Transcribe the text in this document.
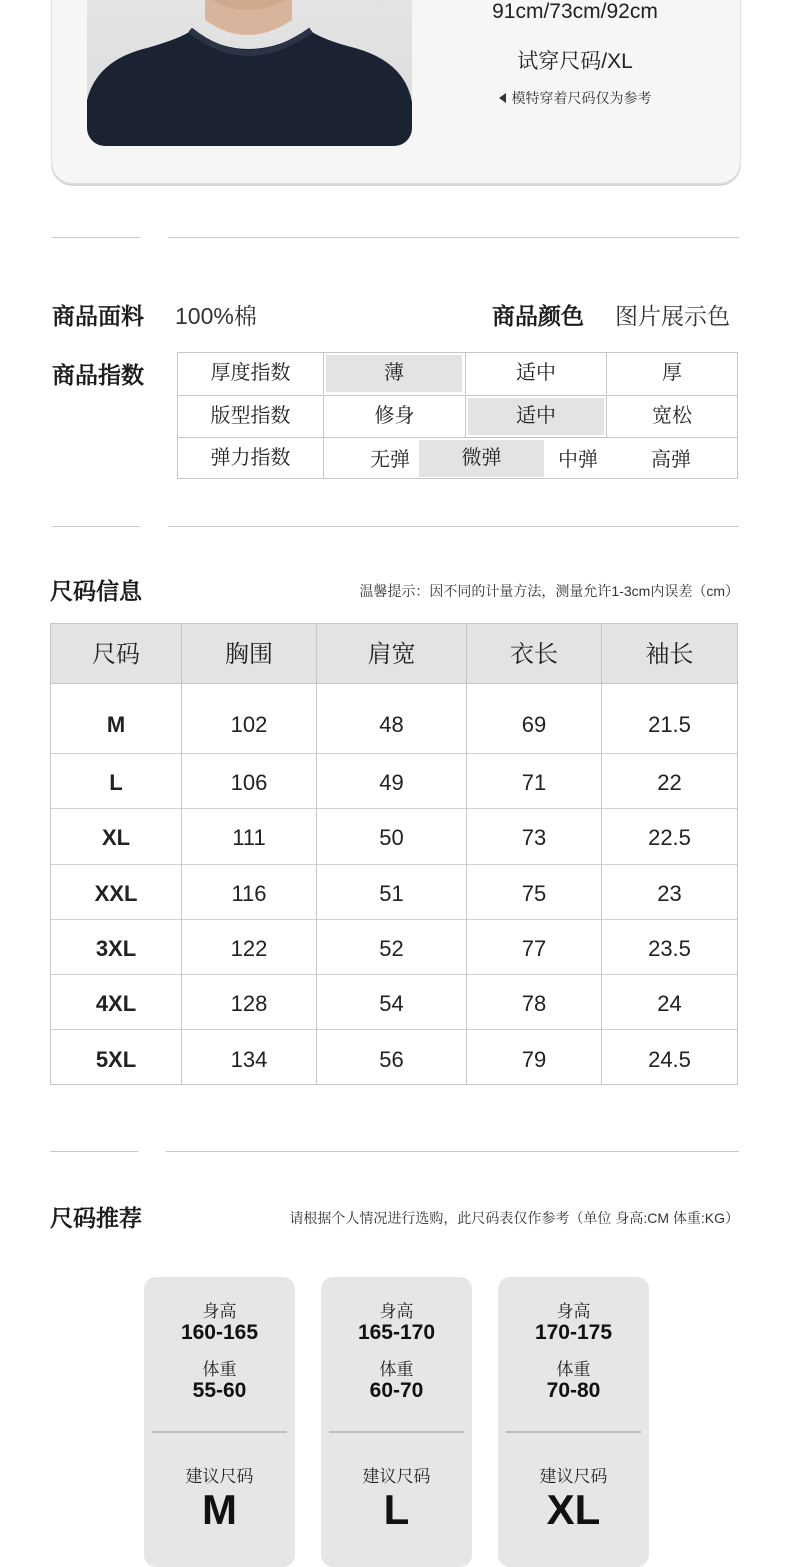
91cm/73cm/92cm
试穿尺码/XL
模特穿着尺码仅为参考
商品面料 100%棉	商品颜色 图片展示色
商品指数	厚度指数	薄	适中	厚
版型指数	修身	适中	宽松
弹力指数	无弹	微弹	中弹	高弹
尺码信息	温馨提示：因不同的计量方法，测量允许1-3cm内误差（cm）
尺码	胸围	肩宽	衣长	袖长
M	102	48	69	21.5
L	106	49	71	22
XL	111	50	73	22.5
XXL	116	51	75	23
3XL	122	52	77	23.5
4XL	128	54	78	24
5XL	134	56	79	24.5
尺码推荐	请根据个人情况进行选购，此尺码表仅作参考（单位 身高:CM 体重:KG）
身高
160-165
体重
55-60
建议尺码
M
身高
165-170
体重
60-70
建议尺码
L
身高
170-175
体重
70-80
建议尺码
XL
